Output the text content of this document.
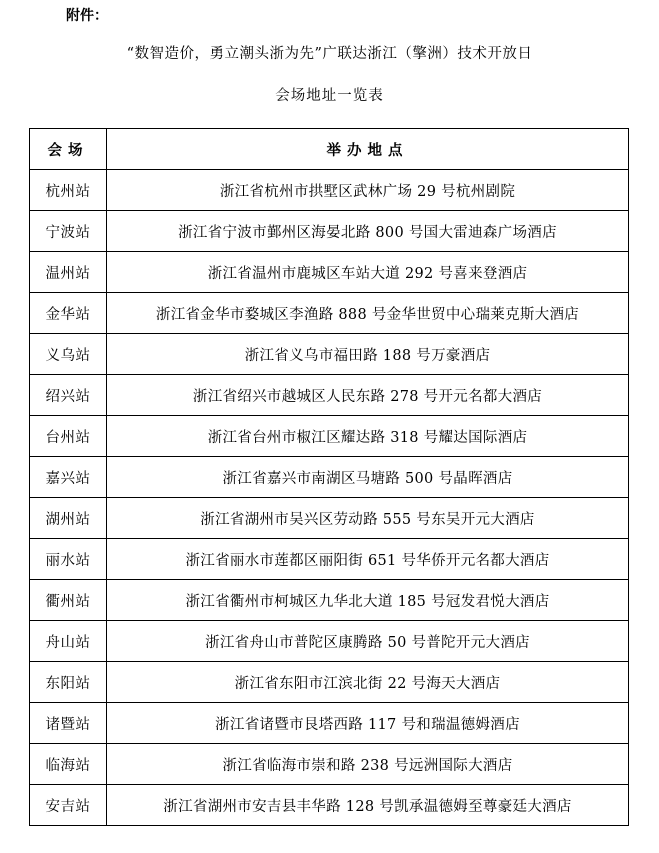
附件：
“数智造价，勇立潮头浙为先”广联达浙江（擎洲）技术开放日
会场地址一览表
会场	举办地点
杭州站	浙江省杭州市拱墅区武林广场 29 号杭州剧院
宁波站	浙江省宁波市鄞州区海晏北路 800 号国大雷迪森广场酒店
温州站	浙江省温州市鹿城区车站大道 292 号喜来登酒店
金华站	浙江省金华市婺城区李渔路 888 号金华世贸中心瑞莱克斯大酒店
义乌站	浙江省义乌市福田路 188 号万豪酒店
绍兴站	浙江省绍兴市越城区人民东路 278 号开元名都大酒店
台州站	浙江省台州市椒江区耀达路 318 号耀达国际酒店
嘉兴站	浙江省嘉兴市南湖区马塘路 500 号晶晖酒店
湖州站	浙江省湖州市吴兴区劳动路 555 号东吴开元大酒店
丽水站	浙江省丽水市莲都区丽阳街 651 号华侨开元名都大酒店
衢州站	浙江省衢州市柯城区九华北大道 185 号冠发君悦大酒店
舟山站	浙江省舟山市普陀区康腾路 50 号普陀开元大酒店
东阳站	浙江省东阳市江滨北街 22 号海天大酒店
诸暨站	浙江省诸暨市艮塔西路 117 号和瑞温德姆酒店
临海站	浙江省临海市崇和路 238 号远洲国际大酒店
安吉站	浙江省湖州市安吉县丰华路 128 号凯承温德姆至尊豪廷大酒店
